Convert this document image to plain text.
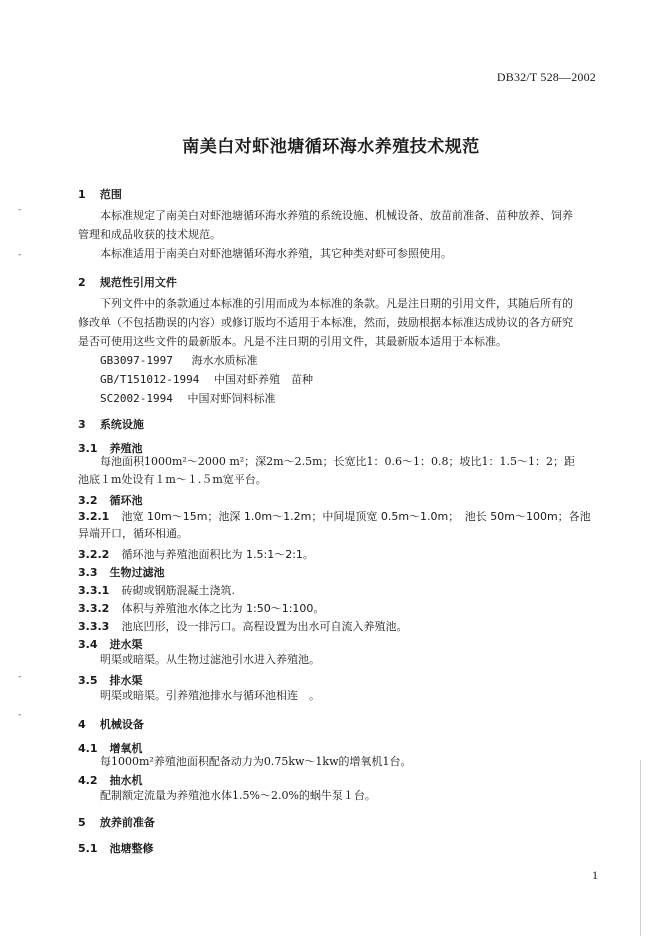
DB32/T 528—2002
南美白对虾池塘循环海水养殖技术规范
-
-
-
-
1 范围
本标准规定了南美白对虾池塘循环海水养殖的系统设施、机械设备、放苗前准备、苗种放养、饲养
管理和成品收获的技术规范。
本标准适用于南美白对虾池塘循环海水养殖，其它种类对虾可参照使用。
2 规范性引用文件
下列文件中的条款通过本标准的引用而成为本标准的条款。凡是注日期的引用文件，其随后所有的
修改单（不包括勘误的内容）或修订版均不适用于本标准，然而，鼓励根据本标准达成协议的各方研究
是否可使用这些文件的最新版本。凡是不注日期的引用文件，其最新版本适用于本标准。
GB3097-1997 海水水质标准
GB/T151012-1994 中国对虾养殖　苗种
SC2002-1994 中国对虾饲料标准
3 系统设施
3.1 养殖池
每池面积1000m²～2000 m²；深2m～2.5m；长宽比1：0.6～1：0.8；坡比1：1.5～1：2；距
池底１m处设有１m～１.５m宽平台。
3.2 循环池
3.2.1 池宽 10m～15m；池深 1.0m～1.2m；中间堤顶宽 0.5m～1.0m；　池长 50m～100m；各池
异端开口，循环相通。
3.2.2 循环池与养殖池面积比为 1.5:1～2:1。
3.3 生物过滤池
3.3.1 砖砌或钢筋混凝土浇筑.
3.3.2 体积与养殖池水体之比为 1:50～1:100。
3.3.3 池底凹形，设一排污口。高程设置为出水可自流入养殖池。
3.4 进水渠
明渠或暗渠。从生物过滤池引水进入养殖池。
3.5 排水渠
明渠或暗渠。引养殖池排水与循环池相连　。
4 机械设备
4.1 增氧机
每1000m²养殖池面积配备动力为0.75kw～1kw的增氧机1台。
4.2 抽水机
配制额定流量为养殖池水体1.5%～2.0%的蜗牛泵１台。
5 放养前准备
5.1 池塘整修
1
